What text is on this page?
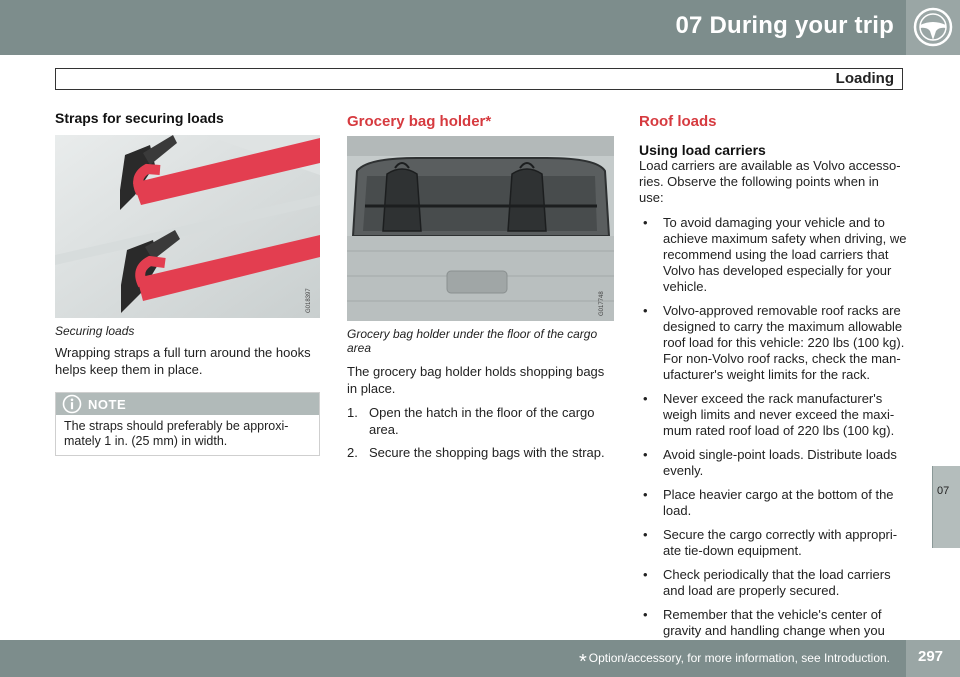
07 During your trip
Loading
07
Straps for securing loads
G018397
Securing loads
Wrapping straps a full turn around the hooks helps keep them in place.
NOTE
The straps should preferably be approxi-mately 1 in. (25 mm) in width.
Grocery bag holder*
G017748
Grocery bag holder under the floor of the cargo area
The grocery bag holder holds shopping bags in place.
1. Open the hatch in the floor of the cargo area.
2. Secure the shopping bags with the strap.
Roof loads
Using load carriers
Load carriers are available as Volvo accesso-ries. Observe the following points when in use:
• To avoid damaging your vehicle and to achieve maximum safety when driving, we recommend using the load carriers that Volvo has developed especially for your vehicle.
• Volvo-approved removable roof racks are designed to carry the maximum allowable roof load for this vehicle: 220 lbs (100 kg). For non-Volvo roof racks, check the man-ufacturer's weight limits for the rack.
• Never exceed the rack manufacturer's weigh limits and never exceed the maxi-mum rated roof load of 220 lbs (100 kg).
• Avoid single-point loads. Distribute loads evenly.
• Place heavier cargo at the bottom of the load.
• Secure the cargo correctly with appropri-ate tie-down equipment.
• Check periodically that the load carriers and load are properly secured.
• Remember that the vehicle's center of gravity and handling change when you
* Option/accessory, for more information, see Introduction. 297
